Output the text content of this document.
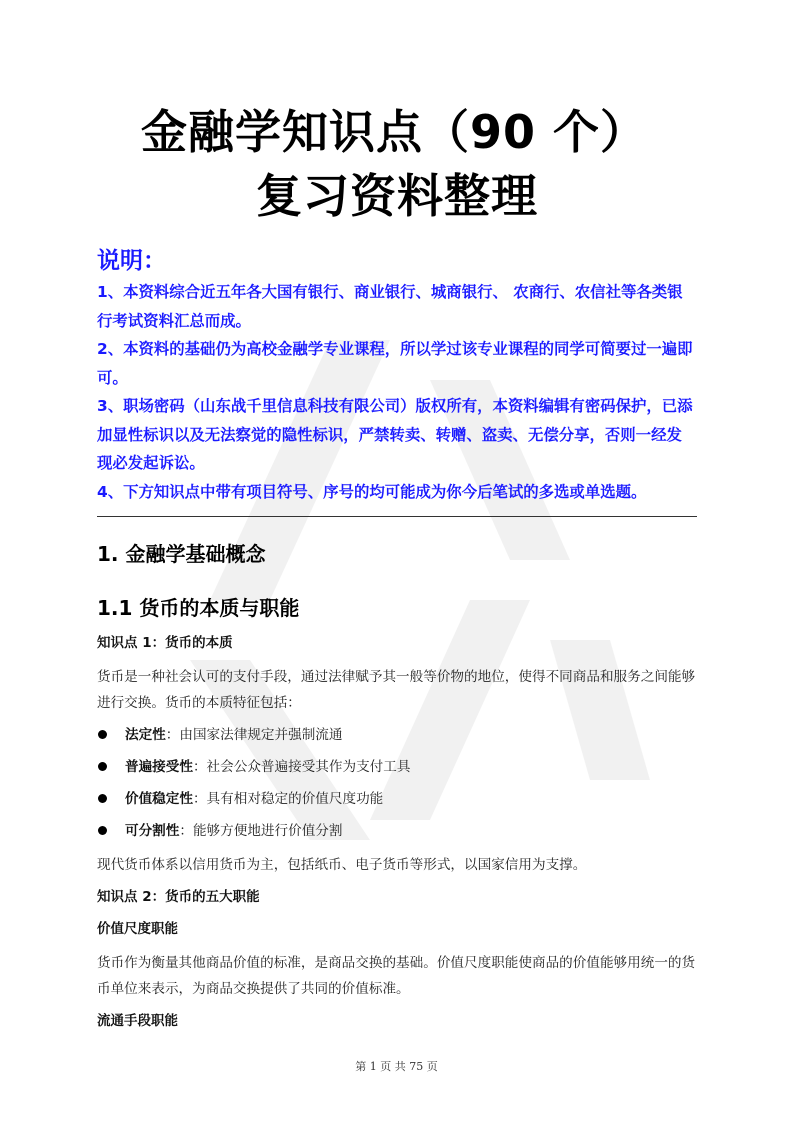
金融学知识点（90 个）
复习资料整理
说明：

1、本资料综合近五年各大国有银行、商业银行、城商银行、 农商行、农信社等各类银行考试资料汇总而成。

2、本资料的基础仍为高校金融学专业课程，所以学过该专业课程的同学可简要过一遍即可。

3、职场密码（山东战千里信息科技有限公司）版权所有，本资料编辑有密码保护，已添加显性标识以及无法察觉的隐性标识，严禁转卖、转赠、盗卖、无偿分享，否则一经发现必发起诉讼。

4、下方知识点中带有项目符号、序号的均可能成为你今后笔试的多选或单选题。

1. 金融学基础概念
1.1 货币的本质与职能

知识点 1：货币的本质

货币是一种社会认可的支付手段，通过法律赋予其一般等价物的地位，使得不同商品和服务之间能够进行交换。货币的本质特征包括：

法定性：由国家法律规定并强制流通
普遍接受性：社会公众普遍接受其作为支付工具
价值稳定性：具有相对稳定的价值尺度功能
可分割性：能够方便地进行价值分割

现代货币体系以信用货币为主，包括纸币、电子货币等形式，以国家信用为支撑。

知识点 2：货币的五大职能

价值尺度职能

货币作为衡量其他商品价值的标准，是商品交换的基础。价值尺度职能使商品的价值能够用统一的货币单位来表示，为商品交换提供了共同的价值标准。

流通手段职能

第 1 页 共 75 页
